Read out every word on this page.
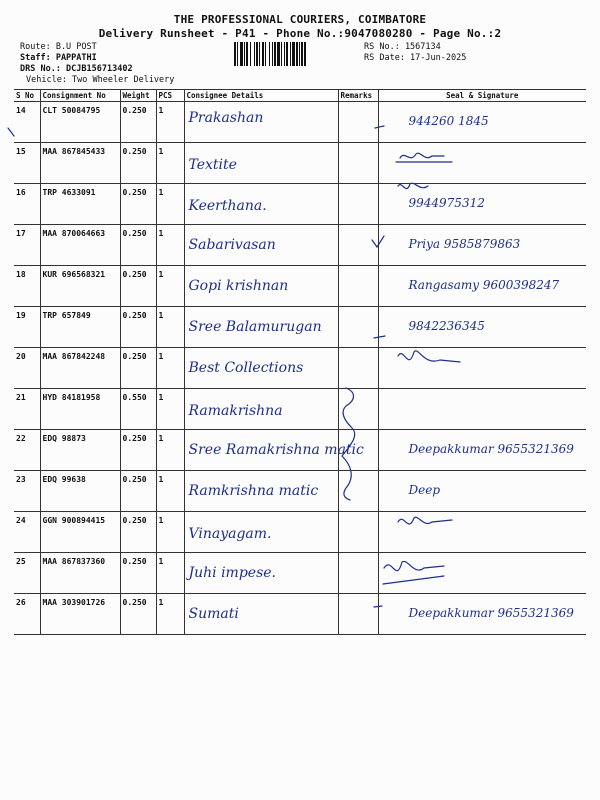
THE PROFESSIONAL COURIERS, COIMBATORE
Delivery Runsheet - P41 - Phone No.:9047080280 - Page No.:2
Route: B.U POST
Staff: PAPPATHI
DRS No.: DCJB156713402
Vehicle: Two Wheeler Delivery
RS No.: 1567134
RS Date: 17-Jun-2025
S No	Consignment No	Weight	PCS	Consignee Details	Remarks	Seal & Signature
14	CLT 50084795	0.250	1	Prakashan		944260 1845

15	MAA 867845433	0.250	1	Textite		

16	TRP 4633091	0.250	1	Keerthana.		9944975312

17	MAA 870064663	0.250	1	Sabarivasan		Priya 9585879863

18	KUR 696568321	0.250	1	Gopi krishnan		Rangasamy 9600398247

19	TRP 657849	0.250	1	Sree Balamurugan		9842236345

20	MAA 867842248	0.250	1	Best Collections		

21	HYD 84181958	0.550	1	Ramakrishna		

22	EDQ 98873	0.250	1	Sree Ramakrishna matic		Deepakkumar 9655321369

23	EDQ 99638	0.250	1	Ramkrishna matic		Deep

24	GGN 900894415	0.250	1	Vinayagam.		

25	MAA 867837360	0.250	1	Juhi impese.		

26	MAA 303901726	0.250	1	Sumati		Deepakkumar 9655321369
